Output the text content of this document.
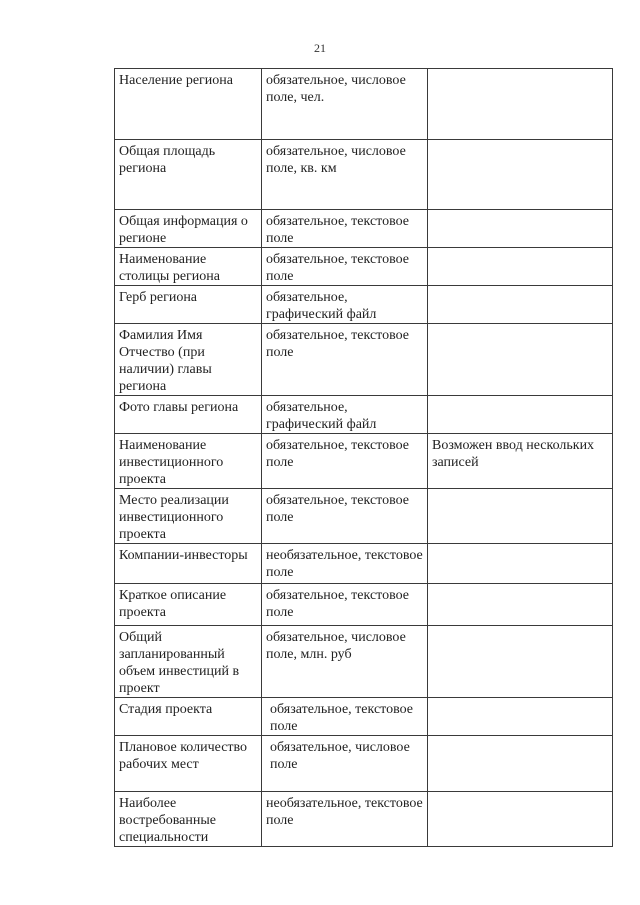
21
Население региона	обязательное, числовое поле, чел.	
Общая площадь региона	обязательное, числовое поле, кв. км	
Общая информация о регионе	обязательное, текстовое поле	
Наименование столицы региона	обязательное, текстовое поле	
Герб региона	обязательное, графический файл	
Фамилия Имя Отчество (при наличии) главы региона	обязательное, текстовое поле	
Фото главы региона	обязательное, графический файл	
Наименование инвестиционного проекта	обязательное, текстовое поле	Возможен ввод нескольких записей
Место реализации инвестиционного проекта	обязательное, текстовое поле	
Компании-инвесторы	необязательное, текстовое поле	
Краткое описание проекта	обязательное, текстовое поле	
Общий запланированный объем инвестиций в проект	обязательное, числовое поле, млн. руб	
Стадия проекта	обязательное, текстовое поле	
Плановое количество рабочих мест	обязательное, числовое поле	
Наиболее востребованные специальности	необязательное, текстовое поле	
